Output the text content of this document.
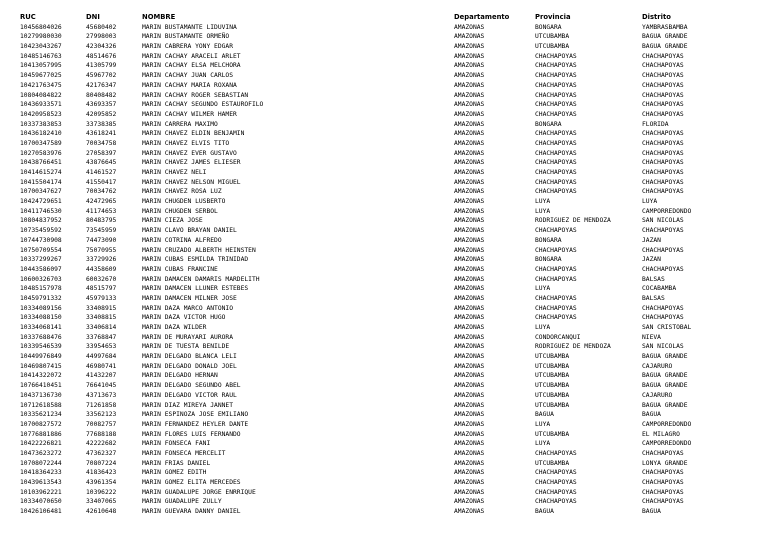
RUC	DNI	NOMBRE	Departamento	Provincia	Distrito
10456804026	45680402	MARIN BUSTAMANTE LIDUVINA	AMAZONAS	BONGARA	YAMBRASBAMBA
10279980030	27998003	MARIN BUSTAMANTE ORMEÑO	AMAZONAS	UTCUBAMBA	BAGUA GRANDE
10423043267	42304326	MARIN CABRERA YONY EDGAR	AMAZONAS	UTCUBAMBA	BAGUA GRANDE
10485146763	48514676	MARIN CACHAY ARACELI ARLET	AMAZONAS	CHACHAPOYAS	CHACHAPOYAS
10413057995	41305799	MARIN CACHAY ELSA MELCHORA	AMAZONAS	CHACHAPOYAS	CHACHAPOYAS
10459677025	45967702	MARIN CACHAY JUAN CARLOS	AMAZONAS	CHACHAPOYAS	CHACHAPOYAS
10421763475	42176347	MARIN CACHAY MARIA ROXANA	AMAZONAS	CHACHAPOYAS	CHACHAPOYAS
10804084822	80408482	MARIN CACHAY ROGER SEBASTIAN	AMAZONAS	CHACHAPOYAS	CHACHAPOYAS
10436933571	43693357	MARIN CACHAY SEGUNDO ESTAUROFILO	AMAZONAS	CHACHAPOYAS	CHACHAPOYAS
10420958523	42095852	MARIN CACHAY WILMER HAMER	AMAZONAS	CHACHAPOYAS	CHACHAPOYAS
10337383853	33738385	MARIN CARRERA MAXIMO	AMAZONAS	BONGARA	FLORIDA
10436182410	43618241	MARIN CHAVEZ ELDIN BENJAMIN	AMAZONAS	CHACHAPOYAS	CHACHAPOYAS
10700347589	70034758	MARIN CHAVEZ ELVIS TITO	AMAZONAS	CHACHAPOYAS	CHACHAPOYAS
10270583976	27058397	MARIN CHAVEZ EVER GUSTAVO	AMAZONAS	CHACHAPOYAS	CHACHAPOYAS
10438766451	43876645	MARIN CHAVEZ JAMES ELIESER	AMAZONAS	CHACHAPOYAS	CHACHAPOYAS
10414615274	41461527	MARIN CHAVEZ NELI	AMAZONAS	CHACHAPOYAS	CHACHAPOYAS
10415504174	41550417	MARIN CHAVEZ NELSON MIGUEL	AMAZONAS	CHACHAPOYAS	CHACHAPOYAS
10700347627	70034762	MARIN CHAVEZ ROSA LUZ	AMAZONAS	CHACHAPOYAS	CHACHAPOYAS
10424729651	42472965	MARIN CHUGDEN LUSBERTO	AMAZONAS	LUYA	LUYA
10411746530	41174653	MARIN CHUGDEN SERBOL	AMAZONAS	LUYA	CAMPORREDONDO
10804837952	80483795	MARIN CIEZA JOSE	AMAZONAS	RODRIGUEZ DE MENDOZA	SAN NICOLAS
10735459592	73545959	MARIN CLAVO BRAYAN DANIEL	AMAZONAS	CHACHAPOYAS	CHACHAPOYAS
10744730908	74473090	MARIN COTRINA ALFREDO	AMAZONAS	BONGARA	JAZAN
10750709554	75070955	MARIN CRUZADO ALBERTH HEINSTEN	AMAZONAS	CHACHAPOYAS	CHACHAPOYAS
10337299267	33729926	MARIN CUBAS ESMILDA TRINIDAD	AMAZONAS	BONGARA	JAZAN
10443586097	44358609	MARIN CUBAS FRANCINE	AMAZONAS	CHACHAPOYAS	CHACHAPOYAS
10600326703	60032670	MARIN DAMACEN DAMARIS MARDELITH	AMAZONAS	CHACHAPOYAS	BALSAS
10485157978	48515797	MARIN DAMACEN LLUNER ESTEBES	AMAZONAS	LUYA	COCABAMBA
10459791332	45979133	MARIN DAMACEN MILNER JOSE	AMAZONAS	CHACHAPOYAS	BALSAS
10334089156	33408915	MARIN DAZA MARCO ANTONIO	AMAZONAS	CHACHAPOYAS	CHACHAPOYAS
10334088150	33408815	MARIN DAZA VICTOR HUGO	AMAZONAS	CHACHAPOYAS	CHACHAPOYAS
10334068141	33406814	MARIN DAZA WILDER	AMAZONAS	LUYA	SAN CRISTOBAL
10337688476	33768847	MARIN DE MURAYARI AURORA	AMAZONAS	CONDORCANQUI	NIEVA
10339546539	33954653	MARIN DE TUESTA BENILDE	AMAZONAS	RODRIGUEZ DE MENDOZA	SAN NICOLAS
10449976849	44997684	MARIN DELGADO BLANCA LELI	AMAZONAS	UTCUBAMBA	BAGUA GRANDE
10469807415	46980741	MARIN DELGADO DONALD JOEL	AMAZONAS	UTCUBAMBA	CAJARURO
10414322072	41432207	MARIN DELGADO HERNAN	AMAZONAS	UTCUBAMBA	BAGUA GRANDE
10766410451	76641045	MARIN DELGADO SEGUNDO ABEL	AMAZONAS	UTCUBAMBA	BAGUA GRANDE
10437136730	43713673	MARIN DELGADO VICTOR RAUL	AMAZONAS	UTCUBAMBA	CAJARURO
10712618588	71261858	MARIN DIAZ MIREYA JANNET	AMAZONAS	UTCUBAMBA	BAGUA GRANDE
10335621234	33562123	MARIN ESPINOZA JOSE EMILIANO	AMAZONAS	BAGUA	BAGUA
10700827572	70082757	MARIN FERNANDEZ HEYLER DANTE	AMAZONAS	LUYA	CAMPORREDONDO
10776881886	77688188	MARIN FLORES LUIS FERNANDO	AMAZONAS	UTCUBAMBA	EL MILAGRO
10422226821	42222682	MARIN FONSECA FANI	AMAZONAS	LUYA	CAMPORREDONDO
10473623272	47362327	MARIN FONSECA MERCELIT	AMAZONAS	CHACHAPOYAS	CHACHAPOYAS
10708072244	70807224	MARIN FRIAS DANIEL	AMAZONAS	UTCUBAMBA	LONYA GRANDE
10418364233	41836423	MARIN GOMEZ EDITH	AMAZONAS	CHACHAPOYAS	CHACHAPOYAS
10439613543	43961354	MARIN GOMEZ ELITA MERCEDES	AMAZONAS	CHACHAPOYAS	CHACHAPOYAS
10103962221	10396222	MARIN GUADALUPE JORGE ENRRIQUE	AMAZONAS	CHACHAPOYAS	CHACHAPOYAS
10334070650	33407065	MARIN GUADALUPE ZULLY	AMAZONAS	CHACHAPOYAS	CHACHAPOYAS
10426106481	42610648	MARIN GUEVARA DANNY DANIEL	AMAZONAS	BAGUA	BAGUA
